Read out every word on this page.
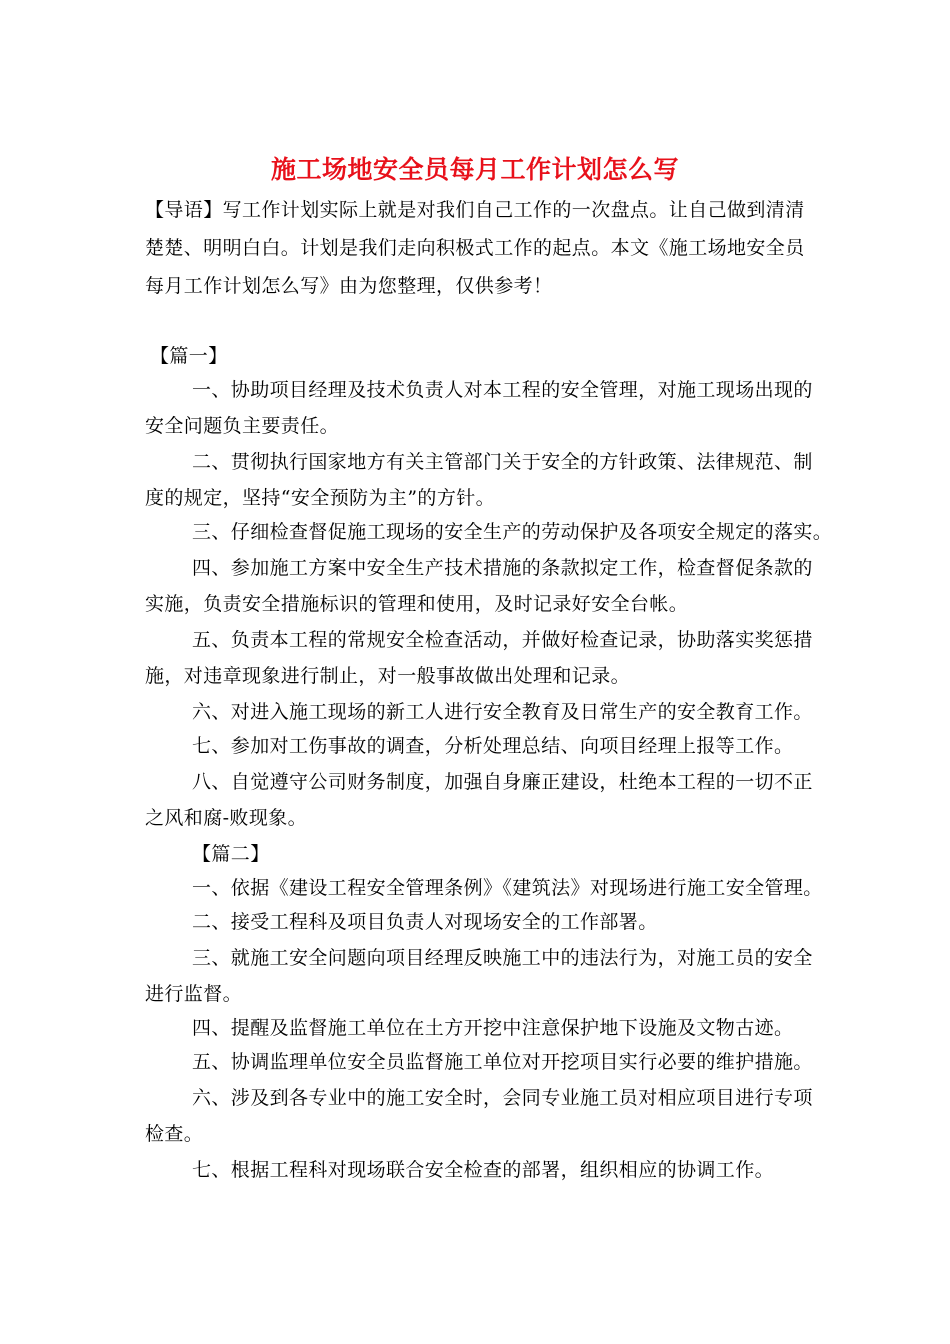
施工场地安全员每月工作计划怎么写
【导语】写工作计划实际上就是对我们自己工作的一次盘点。让自己做到清清
楚楚、明明白白。计划是我们走向积极式工作的起点。本文《施工场地安全员
每月工作计划怎么写》由为您整理，仅供参考！
【篇一】
一、协助项目经理及技术负责人对本工程的安全管理，对施工现场出现的
安全问题负主要责任。
二、贯彻执行国家地方有关主管部门关于安全的方针政策、法律规范、制
度的规定，坚持“安全预防为主”的方针。
三、仔细检查督促施工现场的安全生产的劳动保护及各项安全规定的落实。
四、参加施工方案中安全生产技术措施的条款拟定工作，检查督促条款的
实施，负责安全措施标识的管理和使用，及时记录好安全台帐。
五、负责本工程的常规安全检查活动，并做好检查记录，协助落实奖惩措
施，对违章现象进行制止，对一般事故做出处理和记录。
六、对进入施工现场的新工人进行安全教育及日常生产的安全教育工作。
七、参加对工伤事故的调查，分析处理总结、向项目经理上报等工作。
八、自觉遵守公司财务制度，加强自身廉正建设，杜绝本工程的一切不正
之风和腐-败现象。
【篇二】
一、依据《建设工程安全管理条例》《建筑法》对现场进行施工安全管理。
二、接受工程科及项目负责人对现场安全的工作部署。
三、就施工安全问题向项目经理反映施工中的违法行为，对施工员的安全
进行监督。
四、提醒及监督施工单位在土方开挖中注意保护地下设施及文物古迹。
五、协调监理单位安全员监督施工单位对开挖项目实行必要的维护措施。
六、涉及到各专业中的施工安全时，会同专业施工员对相应项目进行专项
检查。
七、根据工程科对现场联合安全检查的部署，组织相应的协调工作。
